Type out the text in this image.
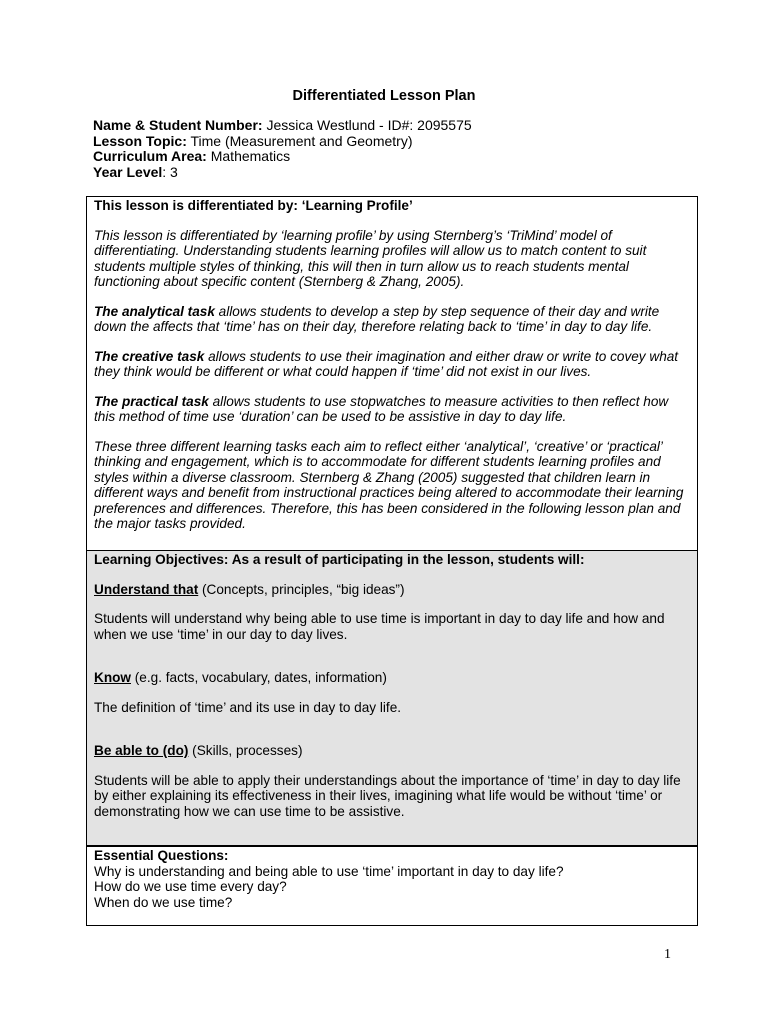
Differentiated Lesson Plan
Name & Student Number: Jessica Westlund - ID#: 2095575
Lesson Topic: Time (Measurement and Geometry)
Curriculum Area: Mathematics
Year Level: 3
This lesson is differentiated by: ‘Learning Profile’

This lesson is differentiated by ‘learning profile’ by using Sternberg’s ‘TriMind’ model of differentiating. Understanding students learning profiles will allow us to match content to suit students multiple styles of thinking, this will then in turn allow us to reach students mental functioning about specific content (Sternberg & Zhang, 2005).

The analytical task allows students to develop a step by step sequence of their day and write down the affects that ‘time’ has on their day, therefore relating back to ‘time’ in day to day life.

The creative task allows students to use their imagination and either draw or write to covey what they think would be different or what could happen if ‘time’ did not exist in our lives.

The practical task allows students to use stopwatches to measure activities to then reflect how this method of time use ‘duration’ can be used to be assistive in day to day life.

These three different learning tasks each aim to reflect either ‘analytical’, ‘creative’ or ‘practical’ thinking and engagement, which is to accommodate for different students learning profiles and styles within a diverse classroom. Sternberg & Zhang (2005) suggested that children learn in different ways and benefit from instructional practices being altered to accommodate their learning preferences and differences. Therefore, this has been considered in the following lesson plan and the major tasks provided.

Learning Objectives: As a result of participating in the lesson, students will:

Understand that (Concepts, principles, “big ideas”)

Students will understand why being able to use time is important in day to day life and how and when we use ‘time’ in our day to day lives.

Know (e.g. facts, vocabulary, dates, information)

The definition of ‘time’ and its use in day to day life.

Be able to (do) (Skills, processes)

Students will be able to apply their understandings about the importance of ‘time’ in day to day life by either explaining its effectiveness in their lives, imagining what life would be without ‘time’ or demonstrating how we can use time to be assistive.

Essential Questions:

Why is understanding and being able to use ‘time’ important in day to day life?

How do we use time every day?

When do we use time?

1
